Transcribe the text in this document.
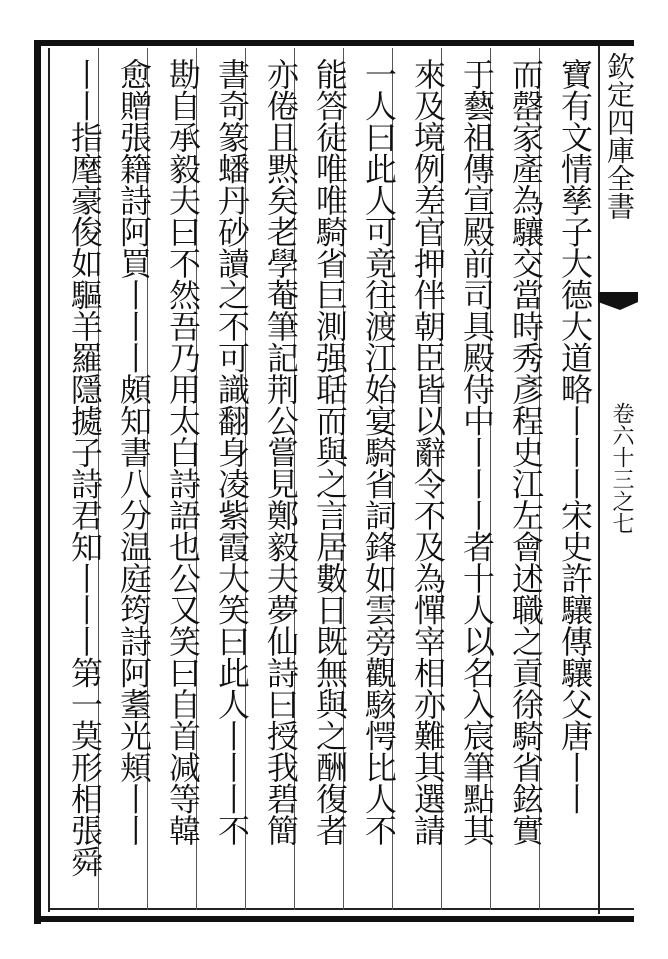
欽定四庫全書
卷六十三之七
寶有文情孳子大德大道略丨丨丨宋史許驤傳驤父唐丨丨
而罄家產為驤交當時秀彥程史江左會述職之貢徐騎省鉉實
于藝祖傳宣殿前司具殿侍中丨丨丨者十人以名入宸筆點其
來及境例差官押伴朝臣皆以辭令不及為憚宰相亦難其選請
一人曰此人可竟往渡江始宴騎省詞鋒如雲旁觀駭愕比人不
能答徒唯唯騎省巨測强聒而與之言居數日既無與之酬復者
亦倦且黙矣老學菴筆記荆公嘗見鄭毅夫夢仙詩曰授我碧簡
書奇篆蟠丹砂讀之不可識翻身凌紫霞大笑曰此人丨丨丨不
勘自承毅夫曰不然吾乃用太白詩語也公又笑曰自首减等韓
愈贈張籍詩阿買丨丨丨頗知書八分温庭筠詩阿耋光頬丨丨
丨丨指麾豪俊如驅羊羅隱㨿子詩君知丨丨丨第一莫形相張舜
